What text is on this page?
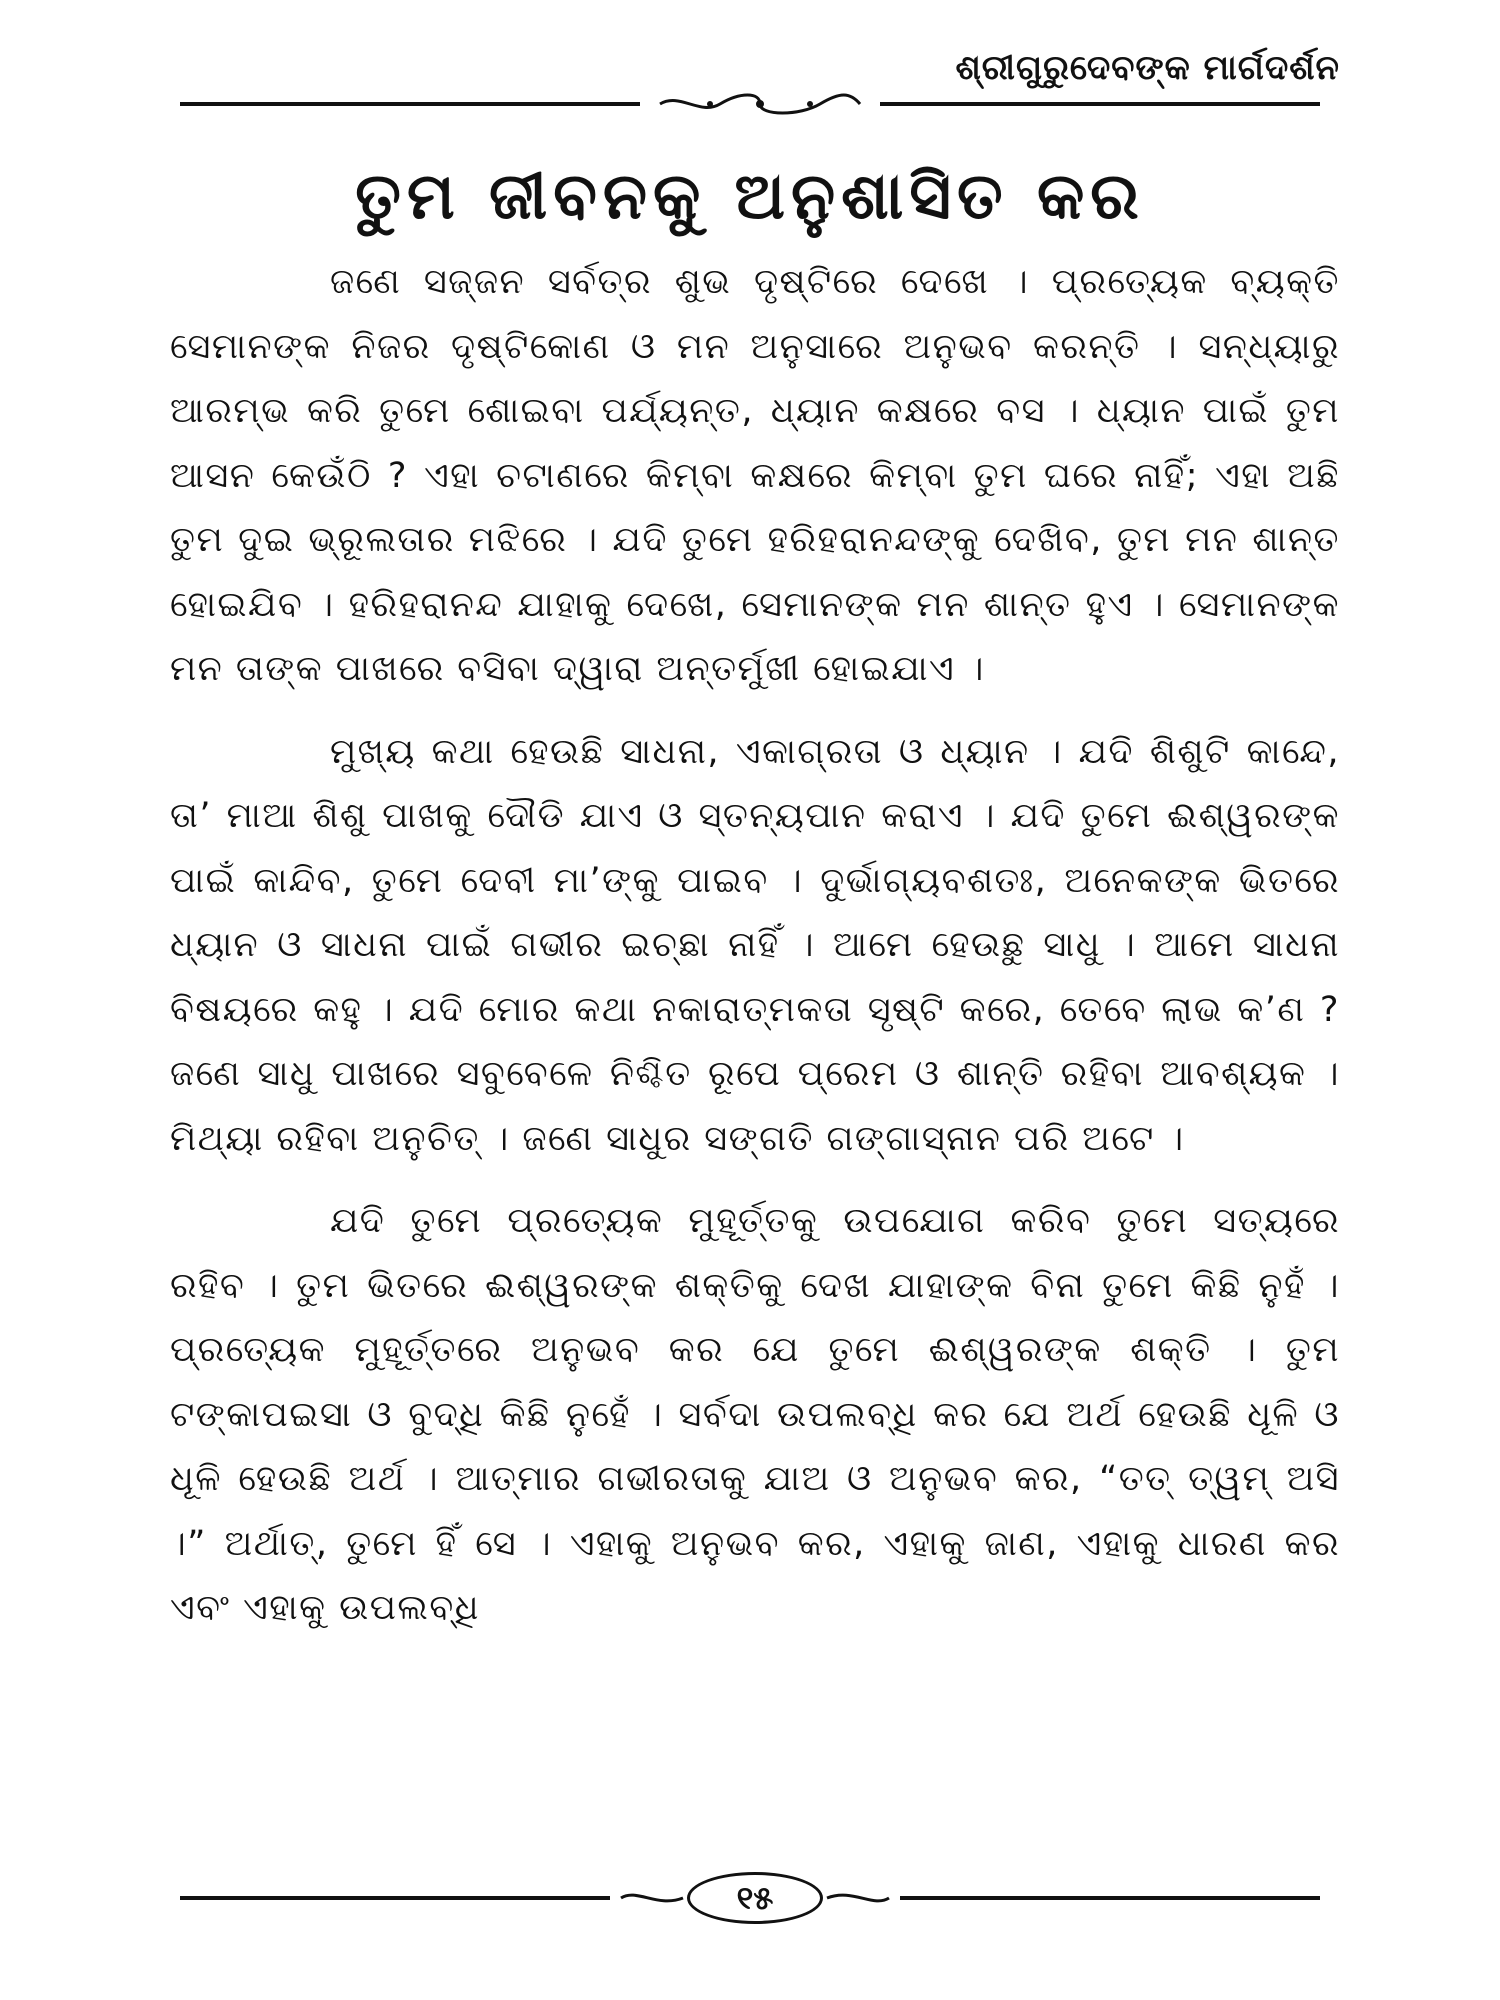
ଶ୍ରୀଗୁରୁଦେବଙ୍କ ମାର୍ଗଦର୍ଶନ
ତୁମ ଜୀବନକୁ ଅନୁଶାସିତ କର

ଜଣେ ସଜ୍ଜନ ସର୍ବତ୍ର ଶୁଭ ଦୃଷ୍ଟିରେ ଦେଖେ । ପ୍ରତ୍ୟେକ ବ୍ୟକ୍ତି ସେମାନଙ୍କ ନିଜର ଦୃଷ୍ଟିକୋଣ ଓ ମନ ଅନୁସାରେ ଅନୁଭବ କରନ୍ତି । ସନ୍ଧ୍ୟାରୁ ଆରମ୍ଭ କରି ତୁମେ ଶୋଇବା ପର୍ଯ୍ୟନ୍ତ, ଧ୍ୟାନ କକ୍ଷରେ ବସ । ଧ୍ୟାନ ପାଇଁ ତୁମ ଆସନ କେଉଁଠି ? ଏହା ଚଟାଣରେ କିମ୍ବା କକ୍ଷରେ କିମ୍ବା ତୁମ ଘରେ ନାହିଁ; ଏହା ଅଛି ତୁମ ଦୁଇ ଭ୍ରୂଲତାର ମଝିରେ । ଯଦି ତୁମେ ହରିହରାନନ୍ଦଙ୍କୁ ଦେଖିବ, ତୁମ ମନ ଶାନ୍ତ ହୋଇଯିବ । ହରିହରାନନ୍ଦ ଯାହାକୁ ଦେଖେ, ସେମାନଙ୍କ ମନ ଶାନ୍ତ ହୁଏ । ସେମାନଙ୍କ ମନ ତାଙ୍କ ପାଖରେ ବସିବା ଦ୍ୱାରା ଅନ୍ତର୍ମୁଖୀ ହୋଇଯାଏ ।

ମୁଖ୍ୟ କଥା ହେଉଛି ସାଧନା, ଏକାଗ୍ରତା ଓ ଧ୍ୟାନ । ଯଦି ଶିଶୁଟି କାନ୍ଦେ, ତା’ ମାଆ ଶିଶୁ ପାଖକୁ ଦୌଡି ଯାଏ ଓ ସ୍ତନ୍ୟପାନ କରାଏ । ଯଦି ତୁମେ ଈଶ୍ୱରଙ୍କ ପାଇଁ କାନ୍ଦିବ, ତୁମେ ଦେବୀ ମା’ଙ୍କୁ ପାଇବ । ଦୁର୍ଭାଗ୍ୟବଶତଃ, ଅନେକଙ୍କ ଭିତରେ ଧ୍ୟାନ ଓ ସାଧନା ପାଇଁ ଗଭୀର ଇଚ୍ଛା ନାହିଁ । ଆମେ ହେଉଛୁ ସାଧୁ । ଆମେ ସାଧନା ବିଷୟରେ କହୁ । ଯଦି ମୋର କଥା ନକାରାତ୍ମକତା ସୃଷ୍ଟି କରେ, ତେବେ ଲାଭ କ’ଣ ? ଜଣେ ସାଧୁ ପାଖରେ ସବୁବେଳେ ନିଶ୍ଚିତ ରୂପେ ପ୍ରେମ ଓ ଶାନ୍ତି ରହିବା ଆବଶ୍ୟକ । ମିଥ୍ୟା ରହିବା ଅନୁଚିତ୍ । ଜଣେ ସାଧୁର ସଙ୍ଗତି ଗଙ୍ଗାସ୍ନାନ ପରି ଅଟେ ।

ଯଦି ତୁମେ ପ୍ରତ୍ୟେକ ମୁହୂର୍ତ୍ତକୁ ଉପଯୋଗ କରିବ ତୁମେ ସତ୍ୟରେ ରହିବ । ତୁମ ଭିତରେ ଈଶ୍ୱରଙ୍କ ଶକ୍ତିକୁ ଦେଖ ଯାହାଙ୍କ ବିନା ତୁମେ କିଛି ନୁହଁ । ପ୍ରତ୍ୟେକ ମୁହୂର୍ତ୍ତରେ ଅନୁଭବ କର ଯେ ତୁମେ ଈଶ୍ୱରଙ୍କ ଶକ୍ତି । ତୁମ ଟଙ୍କାପଇସା ଓ ବୁଦ୍ଧି କିଛି ନୁହେଁ । ସର୍ବଦା ଉପଲବ୍ଧି କର ଯେ ଅର୍ଥ ହେଉଛି ଧୂଳି ଓ ଧୂଳି ହେଉଛି ଅର୍ଥ । ଆତ୍ମାର ଗଭୀରତାକୁ ଯାଅ ଓ ଅନୁଭବ କର, “ତତ୍ ତ୍ୱମ୍ ଅସି ।” ଅର୍ଥାତ୍, ତୁମେ ହିଁ ସେ । ଏହାକୁ ଅନୁଭବ କର, ଏହାକୁ ଜାଣ, ଏହାକୁ ଧାରଣ କର ଏବଂ ଏହାକୁ ଉପଲବ୍ଧି

୧୫
